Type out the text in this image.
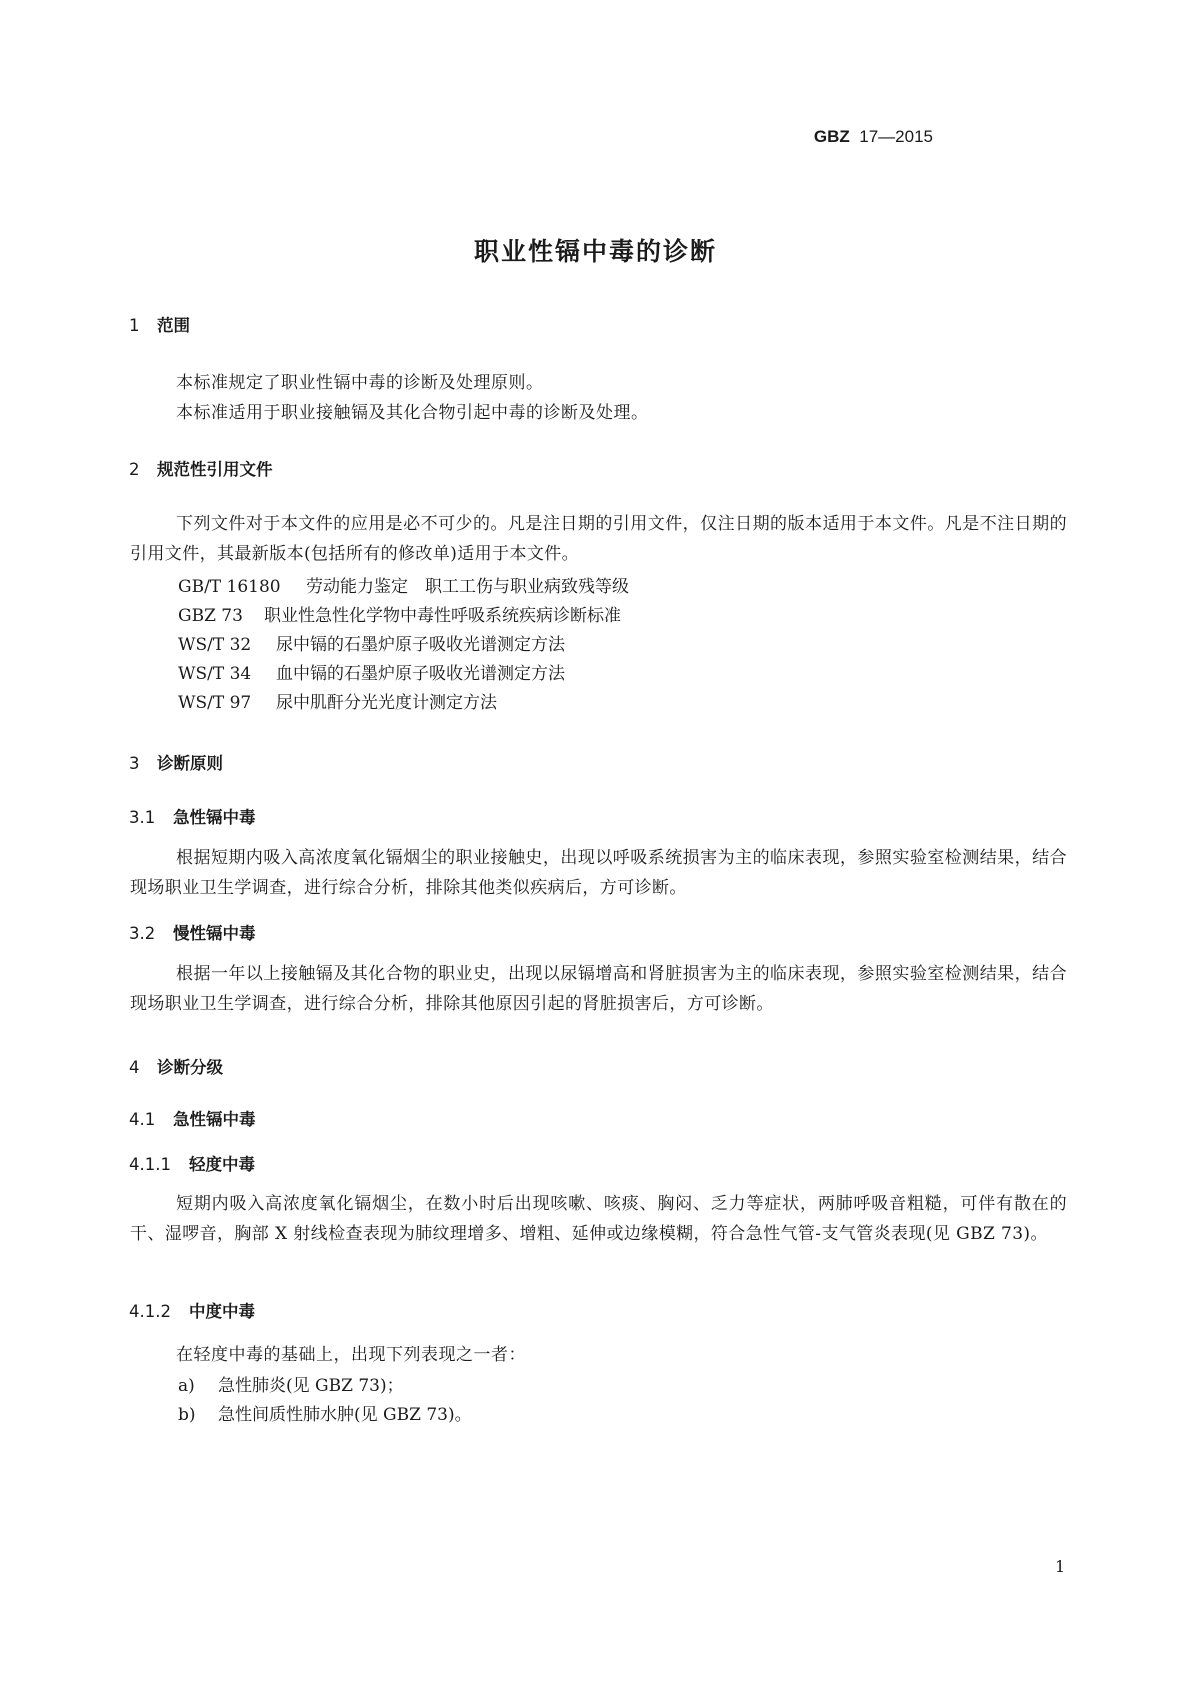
GBZ 17—2015
职业性镉中毒的诊断
1 范围
本标准规定了职业性镉中毒的诊断及处理原则。
本标准适用于职业接触镉及其化合物引起中毒的诊断及处理。
2 规范性引用文件
下列文件对于本文件的应用是必不可少的。凡是注日期的引用文件，仅注日期的版本适用于本文件。凡是不注日期的引用文件，其最新版本(包括所有的修改单)适用于本文件。
GB/T 16180 劳动能力鉴定　职工工伤与职业病致残等级
GBZ 73 职业性急性化学物中毒性呼吸系统疾病诊断标准
WS/T 32 尿中镉的石墨炉原子吸收光谱测定方法
WS/T 34 血中镉的石墨炉原子吸收光谱测定方法
WS/T 97 尿中肌酐分光光度计测定方法
3 诊断原则
3.1 急性镉中毒
根据短期内吸入高浓度氧化镉烟尘的职业接触史，出现以呼吸系统损害为主的临床表现，参照实验室检测结果，结合现场职业卫生学调查，进行综合分析，排除其他类似疾病后，方可诊断。
3.2 慢性镉中毒
根据一年以上接触镉及其化合物的职业史，出现以尿镉增高和肾脏损害为主的临床表现，参照实验室检测结果，结合现场职业卫生学调查，进行综合分析，排除其他原因引起的肾脏损害后，方可诊断。
4 诊断分级
4.1 急性镉中毒
4.1.1 轻度中毒
短期内吸入高浓度氧化镉烟尘，在数小时后出现咳嗽、咳痰、胸闷、乏力等症状，两肺呼吸音粗糙，可伴有散在的干、湿啰音，胸部 X 射线检查表现为肺纹理增多、增粗、延伸或边缘模糊，符合急性气管-支气管炎表现(见 GBZ 73)。
4.1.2 中度中毒
在轻度中毒的基础上，出现下列表现之一者：
a) 急性肺炎(见 GBZ 73)；
b) 急性间质性肺水肿(见 GBZ 73)。
1
